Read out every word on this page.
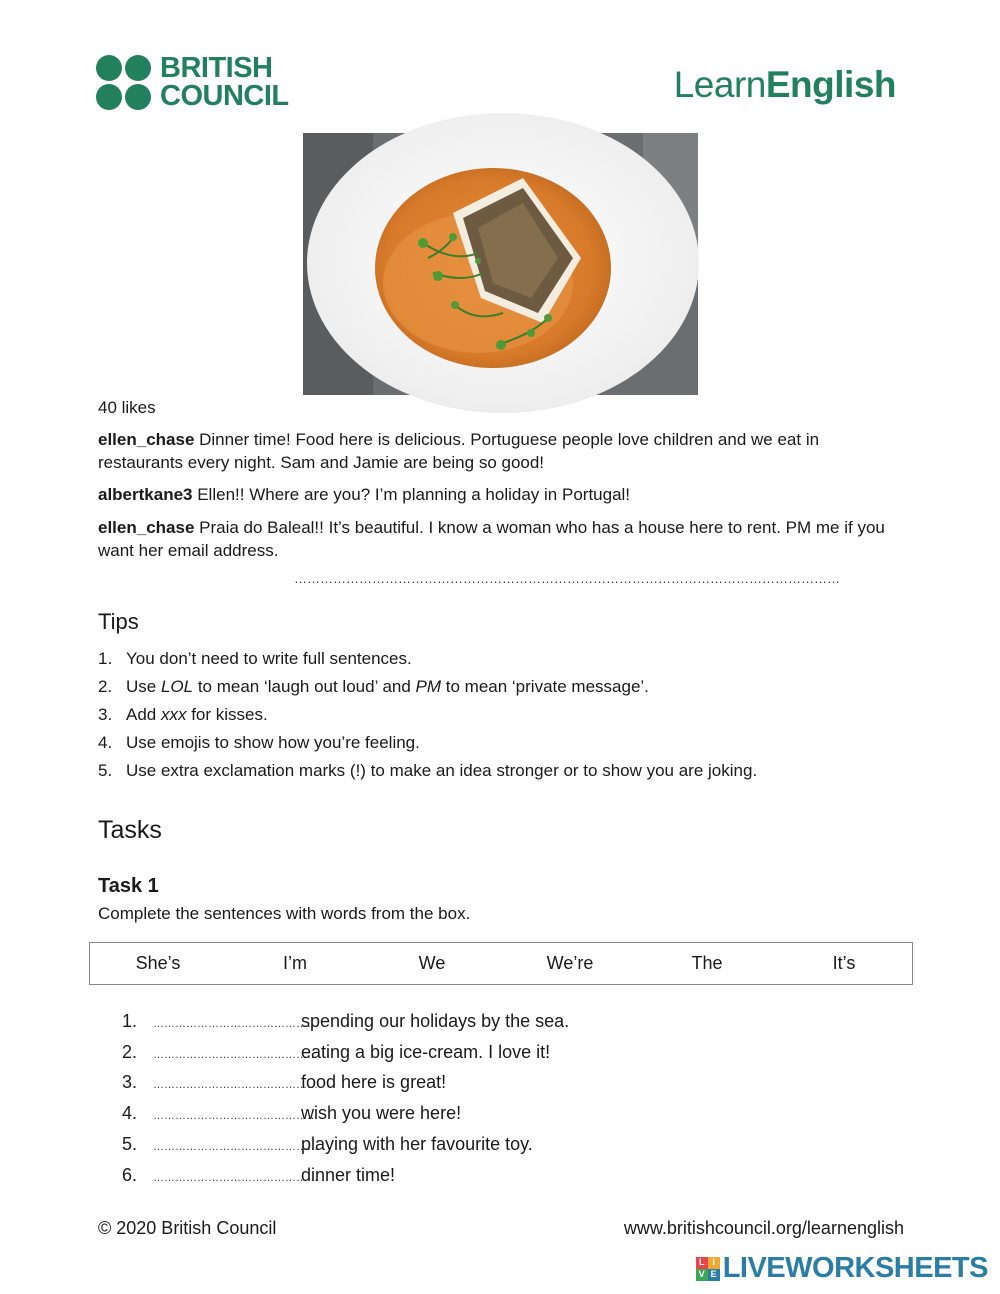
BRITISH
COUNCIL	LearnEnglish
40 likes
ellen_chase Dinner time! Food here is delicious. Portuguese people love children and we eat in restaurants every night. Sam and Jamie are being so good!
albertkane3 Ellen!! Where are you? I’m planning a holiday in Portugal!
ellen_chase Praia do Baleal!! It’s beautiful. I know a woman who has a house here to rent. PM me if you want her email address.
………………………………………………………………………………………………………………
Tips
1. You don’t need to write full sentences.
2. Use LOL to mean ‘laugh out loud’ and PM to mean ‘private message’.
3. Add xxx for kisses.
4. Use emojis to show how you’re feeling.
5. Use extra exclamation marks (!) to make an idea stronger or to show you are joking.
Tasks
Task 1
Complete the sentences with words from the box.
She’s	I’m	We	We’re	The	It’s
1.	………………………………………
spending our holidays by the sea.
2.	………………………………………
eating a big ice-cream. I love it!
3.	………………………………………
food here is great!
4.	………………………………………
wish you were here!
5.	………………………………………
playing with her favourite toy.
6.	………………………………………
dinner time!
© 2020 British Council	www.britishcouncil.org/learnenglish
L I
V E LIVEWORKSHEETS
